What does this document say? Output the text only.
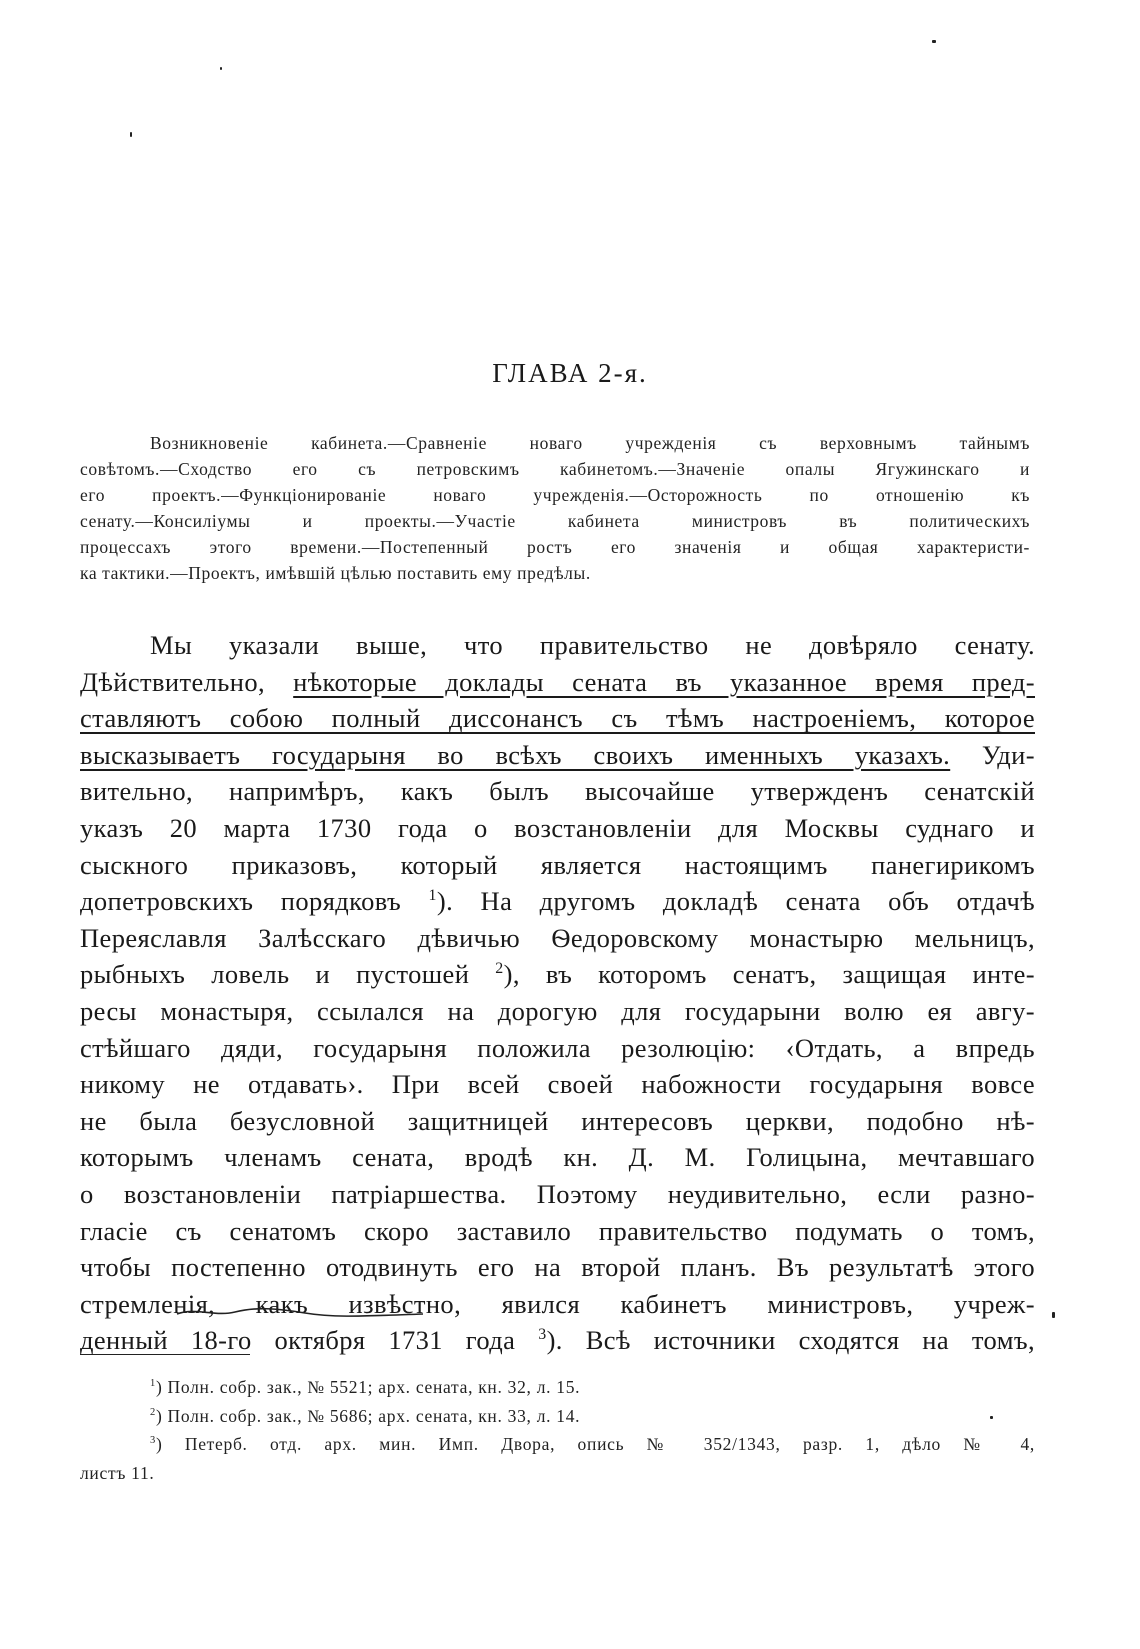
ГЛАВА 2-я.
Возникновеніе кабинета.—Сравненіе новаго учрежденія съ верховнымъ тайнымъ
совѣтомъ.—Сходство его съ петровскимъ кабинетомъ.—Значеніе опалы Ягужинскаго и
его проектъ.—Функціонированіе новаго учрежденія.—Осторожность по отношенію къ
сенату.—Консиліумы и проекты.—Участіе кабинета министровъ въ политическихъ
процессахъ этого времени.—Постепенный ростъ его значенія и общая характеристи-
ка тактики.—Проектъ, имѣвшій цѣлью поставить ему предѣлы.
Мы указали выше, что правительство не довѣряло сенату.
Дѣйствительно, нѣкоторые доклады сената въ указанное время пред-
ставляютъ собою полный диссонансъ съ тѣмъ настроеніемъ, которое
высказываетъ государыня во всѣхъ своихъ именныхъ указахъ. Уди-
вительно, напримѣръ, какъ былъ высочайше утвержденъ сенатскій
указъ 20 марта 1730 года о возстановленіи для Москвы суднаго и
сыскного приказовъ, который является настоящимъ панегирикомъ
допетровскихъ порядковъ $^1$). На другомъ докладѣ сената объ отдачѣ
Переяславля Залѣсскаго дѣвичью Ѳедоровскому монастырю мельницъ,
рыбныхъ ловель и пустошей $^2$), въ которомъ сенатъ, защищая инте-
ресы монастыря, ссылался на дорогую для государыни волю ея авгу-
стѣйшаго дяди, государыня положила резолюцію: ‹Отдать, а впредь
никому не отдавать›. При всей своей набожности государыня вовсе
не была безусловной защитницей интересовъ церкви, подобно нѣ-
которымъ членамъ сената, вродѣ кн. Д. М. Голицына, мечтавшаго
о возстановленіи патріаршества. Поэтому неудивительно, если разно-
гласіе съ сенатомъ скоро заставило правительство подумать о томъ,
чтобы постепенно отодвинуть его на второй планъ. Въ результатѣ этого
стремленія, какъ извѣстно, явился кабинетъ министровъ, учреж-
денный 18-го октября 1731 года $^3$). Всѣ источники сходятся на томъ,
$^1$) Полн. собр. зак., № 5521; арх. сената, кн. 32, л. 15.
$^2$) Полн. собр. зак., № 5686; арх. сената, кн. 33, л. 14.
$^3$) Петерб. отд. арх. мин. Имп. Двора, опись № 352/1343, разр. 1, дѣло № 4,
листъ 11.
